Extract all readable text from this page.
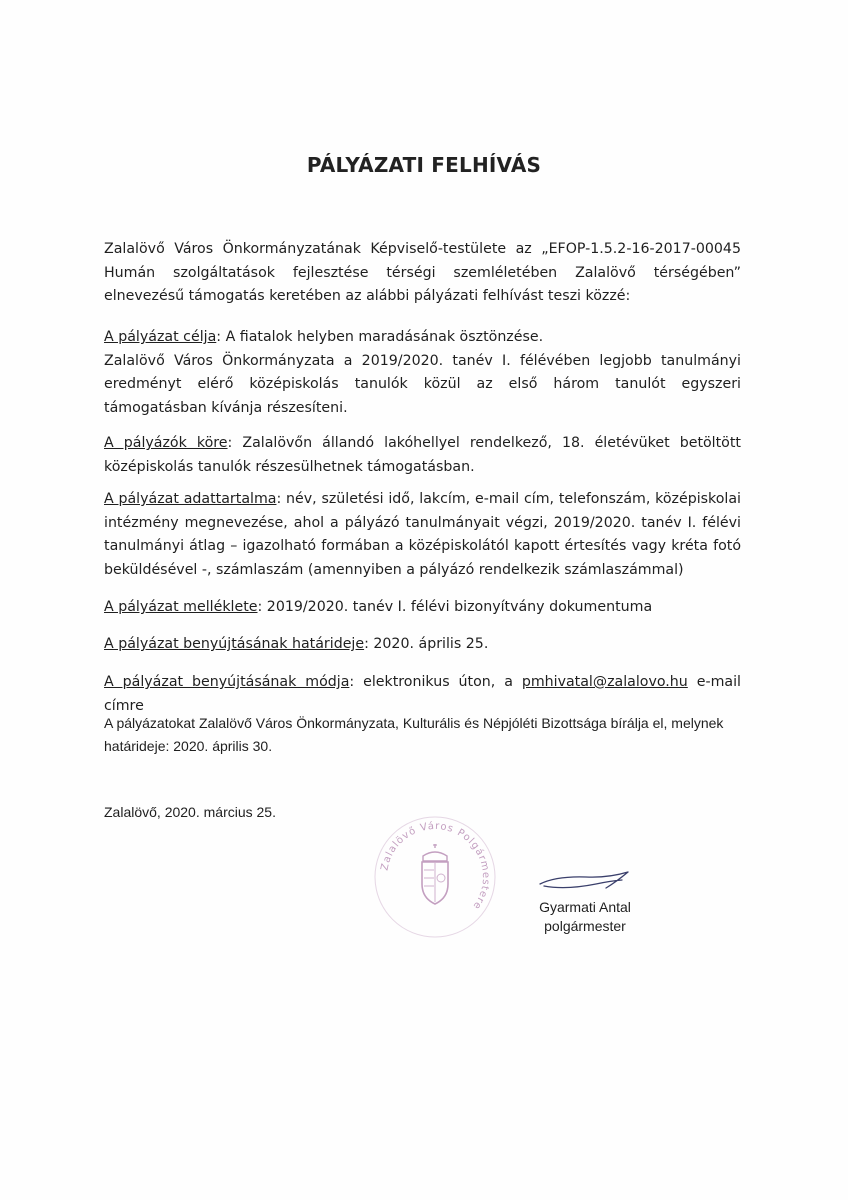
PÁLYÁZATI FELHÍVÁS
Zalalövő Város Önkormányzatának Képviselő-testülete az „EFOP-1.5.2-16-2017-00045 Humán szolgáltatások fejlesztése térségi szemléletében Zalalövő térségében” elnevezésű támogatás keretében az alábbi pályázati felhívást teszi közzé:
A pályázat célja: A fiatalok helyben maradásának ösztönzése.
Zalalövő Város Önkormányzata a 2019/2020. tanév I. félévében legjobb tanulmányi eredményt elérő középiskolás tanulók közül az első három tanulót egyszeri támogatásban kívánja részesíteni.
A pályázók köre: Zalalövőn állandó lakóhellyel rendelkező, 18. életévüket betöltött középiskolás tanulók részesülhetnek támogatásban.
A pályázat adattartalma: név, születési idő, lakcím, e-mail cím, telefonszám, középiskolai intézmény megnevezése, ahol a pályázó tanulmányait végzi, 2019/2020. tanév I. félévi tanulmányi átlag – igazolható formában a középiskolától kapott értesítés vagy kréta fotó beküldésével -, számlaszám (amennyiben a pályázó rendelkezik számlaszámmal)
A pályázat melléklete: 2019/2020. tanév I. félévi bizonyítvány dokumentuma
A pályázat benyújtásának határideje: 2020. április 25.
A pályázat benyújtásának módja: elektronikus úton, a pmhivatal@zalalovo.hu e-mail címre
A pályázatokat Zalalövő Város Önkormányzata, Kulturális és Népjóléti Bizottsága bírálja el, melynek határideje: 2020. április 30.
Zalalövő, 2020. március 25.
Zalalövő Város Polgármestere	Gyarmati Antal
polgármester
